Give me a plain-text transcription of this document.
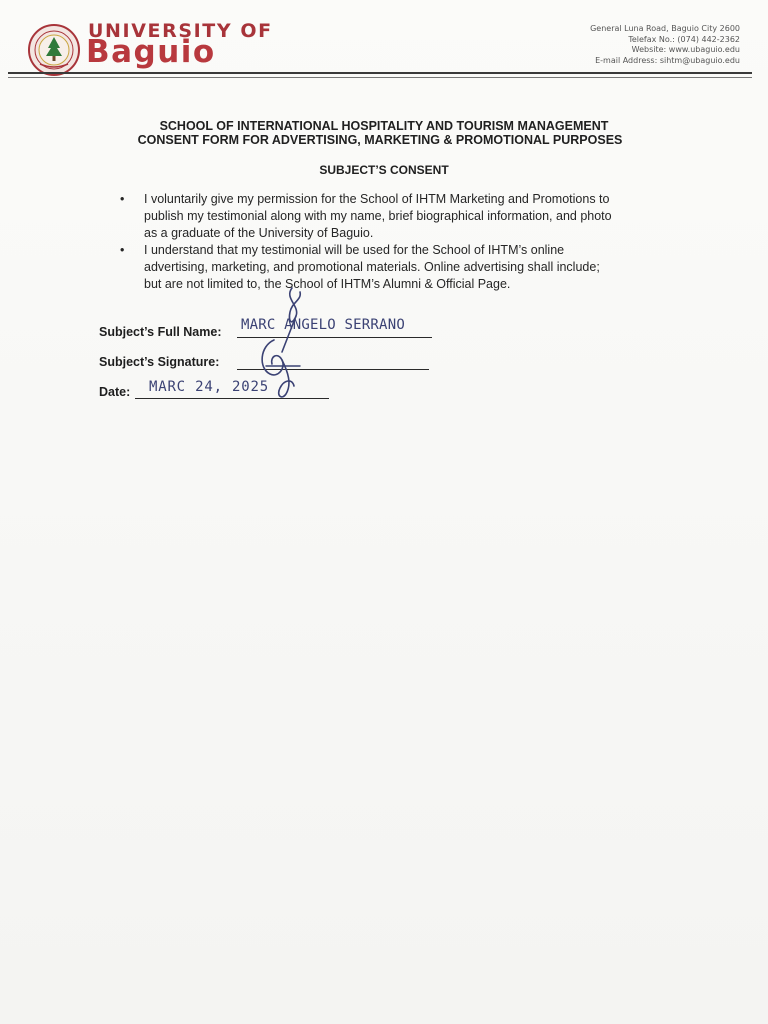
UNIVERSITY OF
Baguio
General Luna Road, Baguio City 2600
Telefax No.: (074) 442-2362
Website: www.ubaguio.edu
E-mail Address: sihtm@ubaguio.edu
SCHOOL OF INTERNATIONAL HOSPITALITY AND TOURISM MANAGEMENT
CONSENT FORM FOR ADVERTISING, MARKETING & PROMOTIONAL PURPOSES
SUBJECT’S CONSENT
• I voluntarily give my permission for the School of IHTM Marketing and Promotions to
publish my testimonial along with my name, brief biographical information, and photo
as a graduate of the University of Baguio.
• I understand that my testimonial will be used for the School of IHTM’s online
advertising, marketing, and promotional materials. Online advertising shall include;
but are not limited to, the School of IHTM’s Alumni & Official Page.
Subject’s Full Name: MARC ANGELO SERRANO
Subject’s Signature:
Date: MARC 24, 2025
